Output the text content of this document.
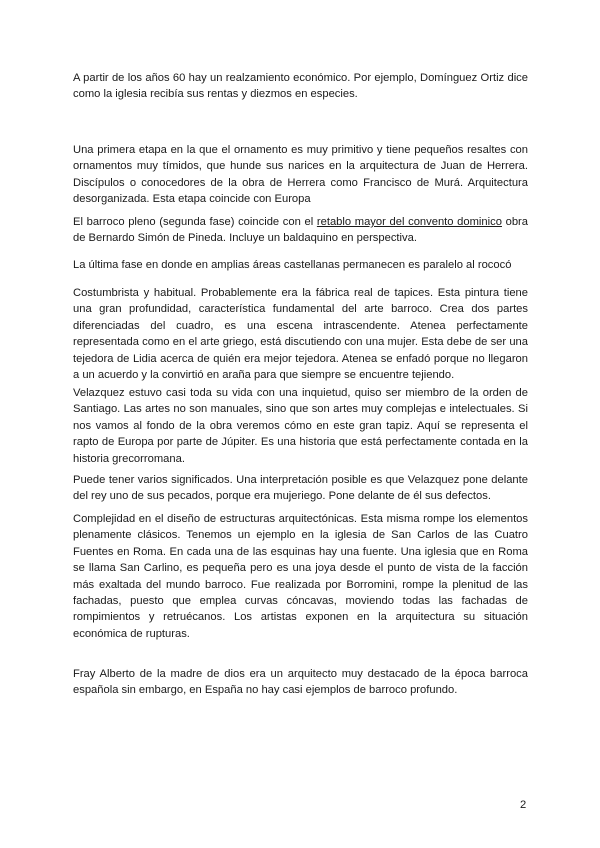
A partir de los años 60 hay un realzamiento económico. Por ejemplo, Domínguez Ortiz dice como la iglesia recibía sus rentas y diezmos en especies.

Una primera etapa en la que el ornamento es muy primitivo y tiene pequeños resaltes con ornamentos muy tímidos, que hunde sus narices en la arquitectura de Juan de Herrera. Discípulos o conocedores de la obra de Herrera como Francisco de Murá. Arquitectura desorganizada. Esta etapa coincide con Europa

El barroco pleno (segunda fase) coincide con el retablo mayor del convento dominico obra de Bernardo Simón de Pineda. Incluye un baldaquino en perspectiva.

La última fase en donde en amplias áreas castellanas permanecen es paralelo al rococó

Costumbrista y habitual. Probablemente era la fábrica real de tapices. Esta pintura tiene una gran profundidad, característica fundamental del arte barroco. Crea dos partes diferenciadas del cuadro, es una escena intrascendente. Atenea perfectamente representada como en el arte griego, está discutiendo con una mujer. Esta debe de ser una tejedora de Lidia acerca de quién era mejor tejedora. Atenea se enfadó porque no llegaron a un acuerdo y la convirtió en araña para que siempre se encuentre tejiendo.

Velazquez estuvo casi toda su vida con una inquietud, quiso ser miembro de la orden de Santiago. Las artes no son manuales, sino que son artes muy complejas e intelectuales. Si nos vamos al fondo de la obra veremos cómo en este gran tapiz. Aquí se representa el rapto de Europa por parte de Júpiter. Es una historia que está perfectamente contada en la historia grecorromana.

Puede tener varios significados. Una interpretación posible es que Velazquez pone delante del rey uno de sus pecados, porque era mujeriego. Pone delante de él sus defectos.

Complejidad en el diseño de estructuras arquitectónicas. Esta misma rompe los elementos plenamente clásicos. Tenemos un ejemplo en la iglesia de San Carlos de las Cuatro Fuentes en Roma. En cada una de las esquinas hay una fuente. Una iglesia que en Roma se llama San Carlino, es pequeña pero es una joya desde el punto de vista de la facción más exaltada del mundo barroco. Fue realizada por Borromini, rompe la plenitud de las fachadas, puesto que emplea curvas cóncavas, moviendo todas las fachadas de rompimientos y retruécanos. Los artistas exponen en la arquitectura su situación económica de rupturas.

Fray Alberto de la madre de dios era un arquitecto muy destacado de la época barroca española sin embargo, en España no hay casi ejemplos de barroco profundo.

2
